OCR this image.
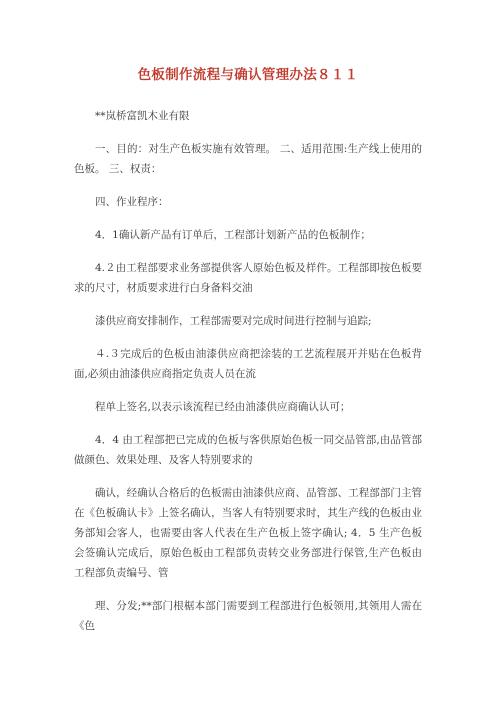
色板制作流程与确认管理办法８１１

**岚桥富凯木业有限

一、目的：对生产色板实施有效管理。 二、适用范围:生产线上使用的色板。 三、权责：

四、作业程序：

4．1确认新产品有订单后，工程部计划新产品的色板制作；

4.２由工程部要求业务部提供客人原始色板及样件。工程部即按色板要求的尺寸，材质要求进行白身备料交油

漆供应商安排制作，工程部需要对完成时间进行控制与追踪;

４.３完成后的色板由油漆供应商把涂装的工艺流程展开并贴在色板背面,必须由油漆供应商指定负责人员在流

程单上签名,以表示该流程已经由油漆供应商确认认可；

4．4 由工程部把已完成的色板与客供原始色板一同交品管部,由品管部做颜色、效果处理、及客人特别要求的

确认，经确认合格后的色板需由油漆供应商、品管部、工程部部门主管在《色板确认卡》上签名确认，当客人有特别要求时，其生产线的色板由业务部知会客人，也需要由客人代表在生产色板上签字确认; 4．5 生产色板会签确认完成后，原始色板由工程部负责转交业务部进行保管,生产色板由工程部负责编号、管

理、分发;**部门根椐本部门需要到工程部进行色板领用,其领用人需在《色
